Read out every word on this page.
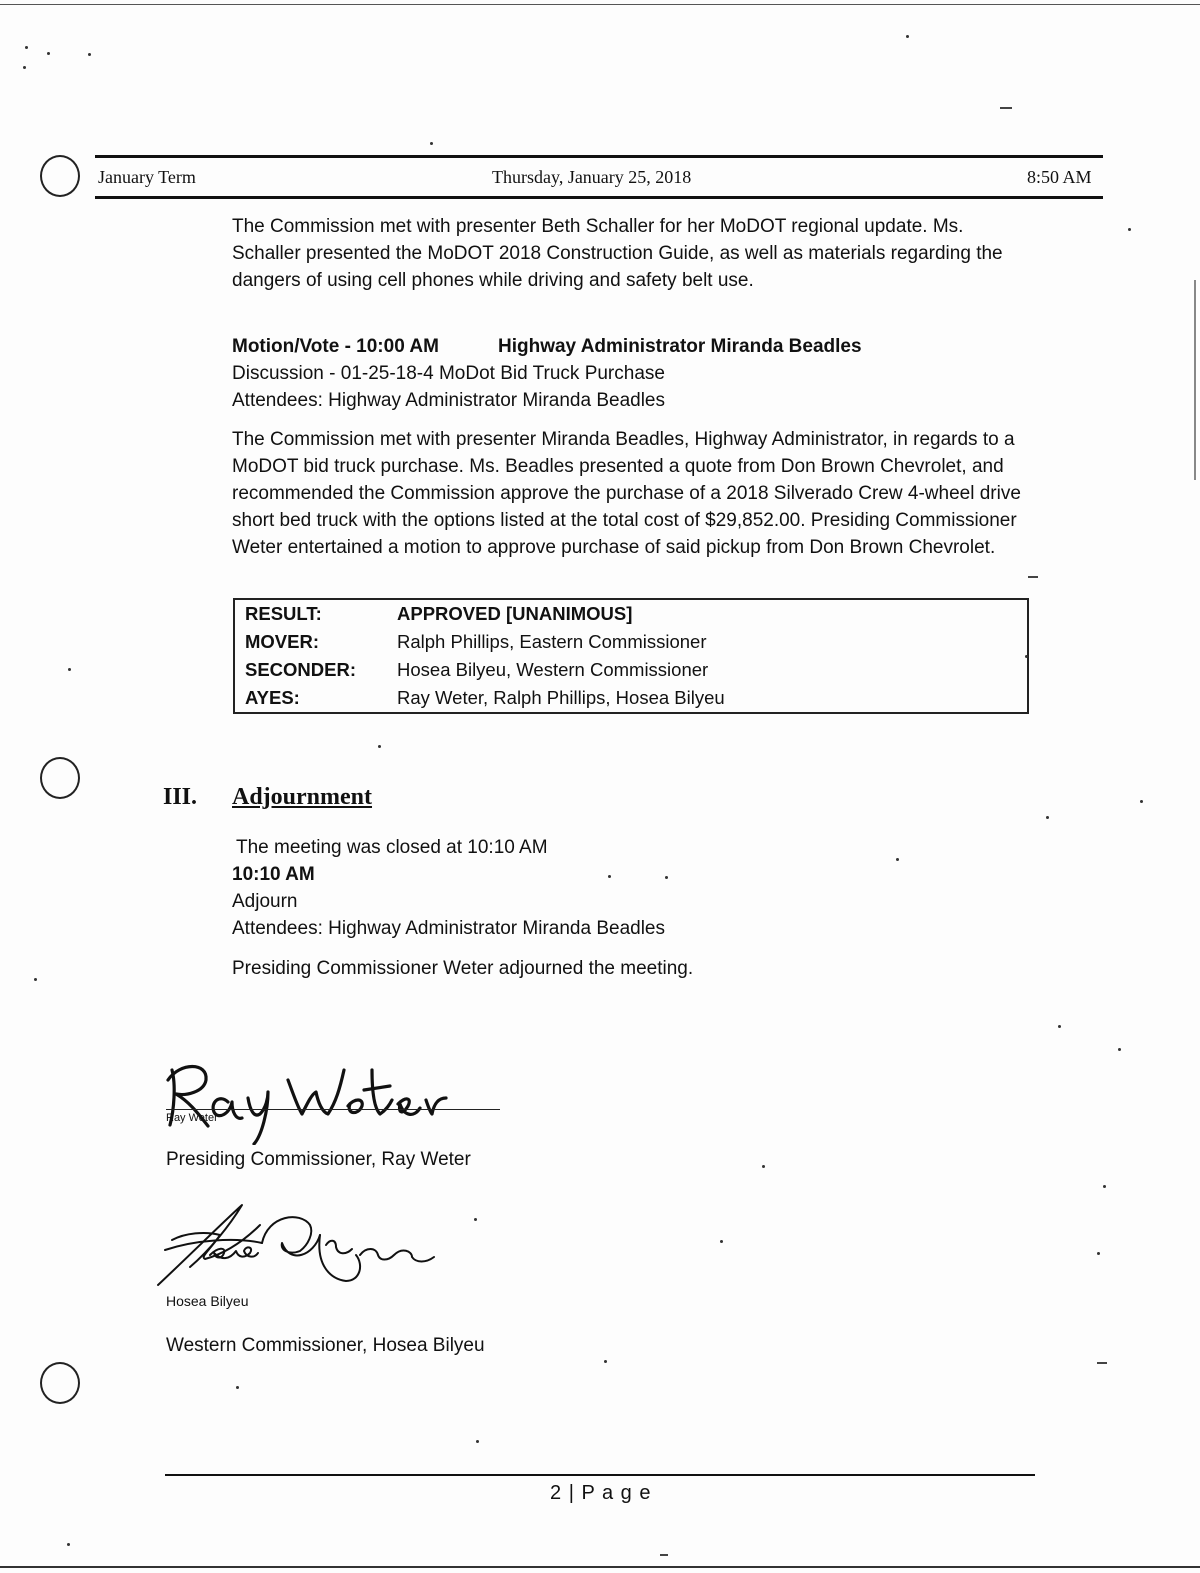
January Term	Thursday, January 25, 2018	8:50 AM
The Commission met with presenter Beth Schaller for her MoDOT regional update. Ms. Schaller presented the MoDOT 2018 Construction Guide, as well as materials regarding the dangers of using cell phones while driving and safety belt use.
Motion/Vote - 10:00 AM	Highway Administrator Miranda Beadles
Discussion - 01-25-18-4 MoDot Bid Truck Purchase
Attendees: Highway Administrator Miranda Beadles
The Commission met with presenter Miranda Beadles, Highway Administrator, in regards to a MoDOT bid truck purchase. Ms. Beadles presented a quote from Don Brown Chevrolet, and recommended the Commission approve the purchase of a 2018 Silverado Crew 4-wheel drive short bed truck with the options listed at the total cost of $29,852.00. Presiding Commissioner Weter entertained a motion to approve purchase of said pickup from Don Brown Chevrolet.
RESULT:	APPROVED [UNANIMOUS]
MOVER:	Ralph Phillips, Eastern Commissioner
SECONDER:	Hosea Bilyeu, Western Commissioner
AYES:	Ray Weter, Ralph Phillips, Hosea Bilyeu
III. Adjournment
The meeting was closed at 10:10 AM
10:10 AM
Adjourn
Attendees: Highway Administrator Miranda Beadles
Presiding Commissioner Weter adjourned the meeting.
Ray Weter
Presiding Commissioner, Ray Weter
Hosea Bilyeu
Western Commissioner, Hosea Bilyeu
2 | P a g e
